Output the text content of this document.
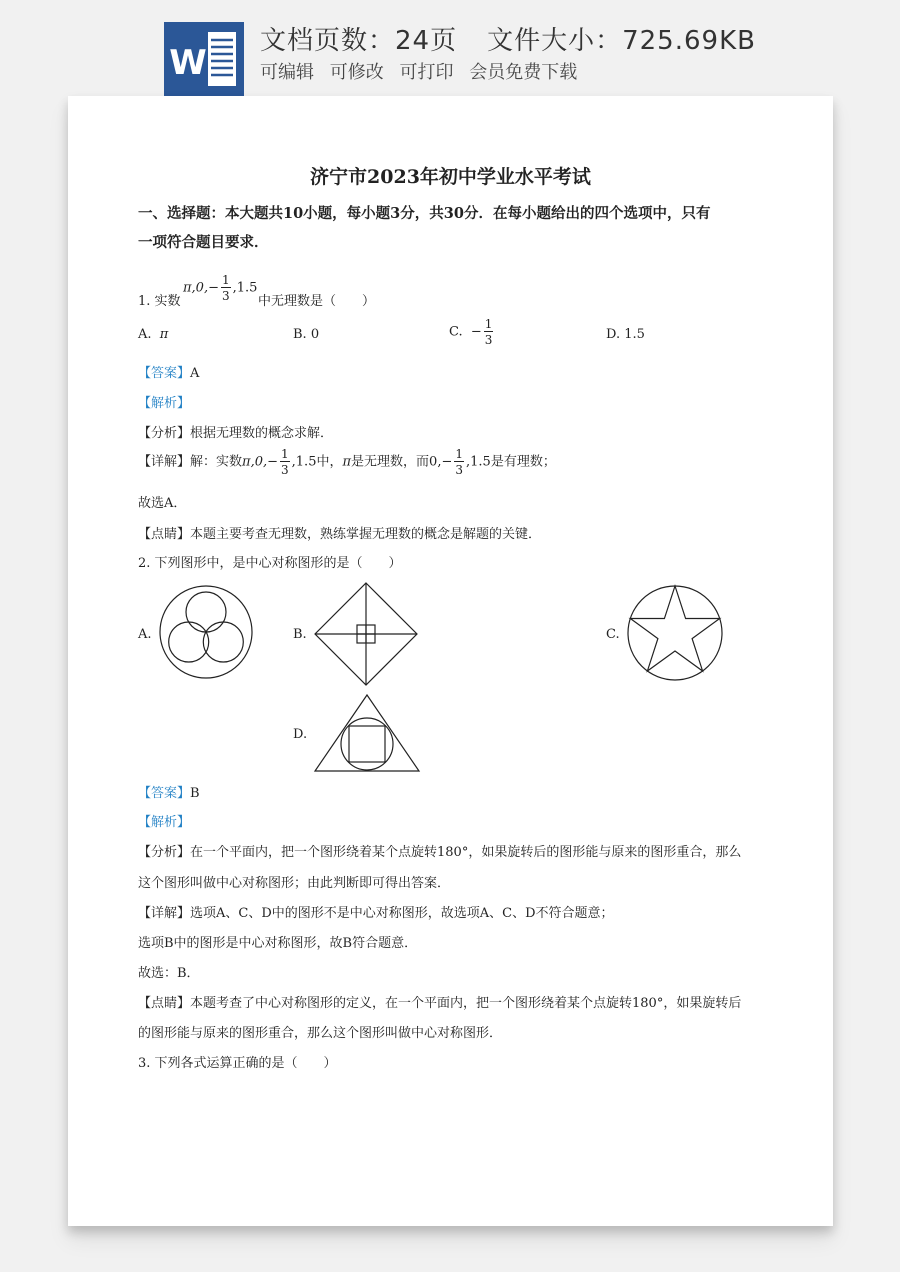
W
文档页数：24页 文件大小：725.69KB
可编辑 可修改 可打印 会员免费下载
济宁市2023年初中学业水平考试
一、选择题：本大题共10小题，每小题3分，共30分．在每小题给出的四个选项中，只有
一项符合题目要求．
1. 实数
$\pi,0,- \frac{1}{3} ,1.5$
中无理数是（　　）
A. π	B. 0	C. − $\frac{1}{3}$	D. 1.5
【答案】A
【解析】
【分析】根据无理数的概念求解．
【详解】解：实数$\pi,0,- \frac{1}{3} ,1.5$中，π是无理数，而$0,- \frac{1}{3} ,1.5$是有理数；
故选A．
【点睛】本题主要考查无理数，熟练掌握无理数的概念是解题的关键．
2. 下列图形中，是中心对称图形的是（　　）
A.	B.	C.
D.
【答案】B
【解析】
【分析】在一个平面内，把一个图形绕着某个点旋转180°，如果旋转后的图形能与原来的图形重合，那么
这个图形叫做中心对称图形；由此判断即可得出答案．
【详解】选项A、C、D中的图形不是中心对称图形，故选项A、C、D不符合题意；
选项B中的图形是中心对称图形，故B符合题意．
故选：B．
【点睛】本题考查了中心对称图形的定义，在一个平面内，把一个图形绕着某个点旋转180°，如果旋转后
的图形能与原来的图形重合，那么这个图形叫做中心对称图形．
3. 下列各式运算正确的是（　　）
